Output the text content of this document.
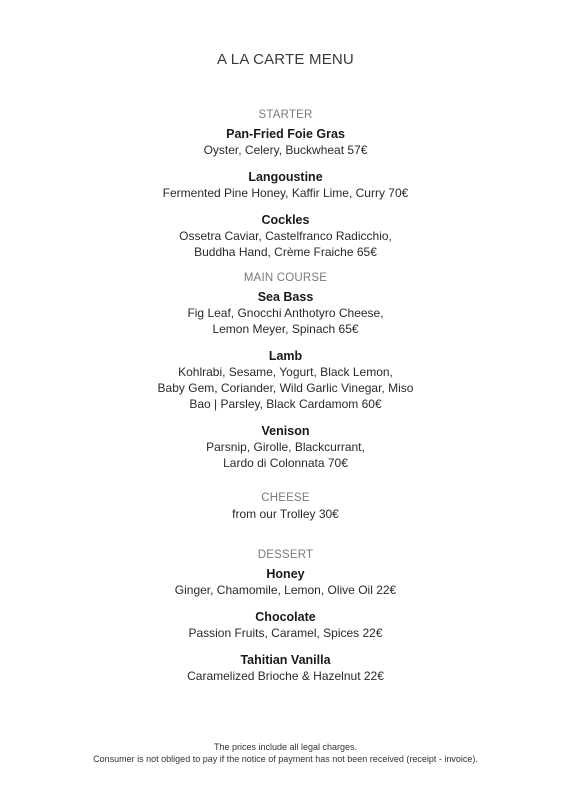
A LA CARTE MENU
STARTER
Pan-Fried Foie Gras
Oyster, Celery, Buckwheat 57€
Langoustine
Fermented Pine Honey, Kaffir Lime, Curry 70€
Cockles
Ossetra Caviar, Castelfranco Radicchio,
Buddha Hand, Crème Fraiche 65€
MAIN COURSE
Sea Bass
Fig Leaf, Gnocchi Anthotyro Cheese,
Lemon Meyer, Spinach 65€
Lamb
Kohlrabi, Sesame, Yogurt, Black Lemon,
Baby Gem, Coriander, Wild Garlic Vinegar, Miso
Bao | Parsley, Black Cardamom 60€
Venison
Parsnip, Girolle, Blackcurrant,
Lardo di Colonnata 70€
CHEESE
from our Trolley 30€
DESSERT
Honey
Ginger, Chamomile, Lemon, Olive Oil 22€
Chocolate
Passion Fruits, Caramel, Spices 22€
Tahitian Vanilla
Caramelized Brioche & Hazelnut 22€
The prices include all legal charges.
Consumer is not obliged to pay if the notice of payment has not been received (receipt - invoice).
